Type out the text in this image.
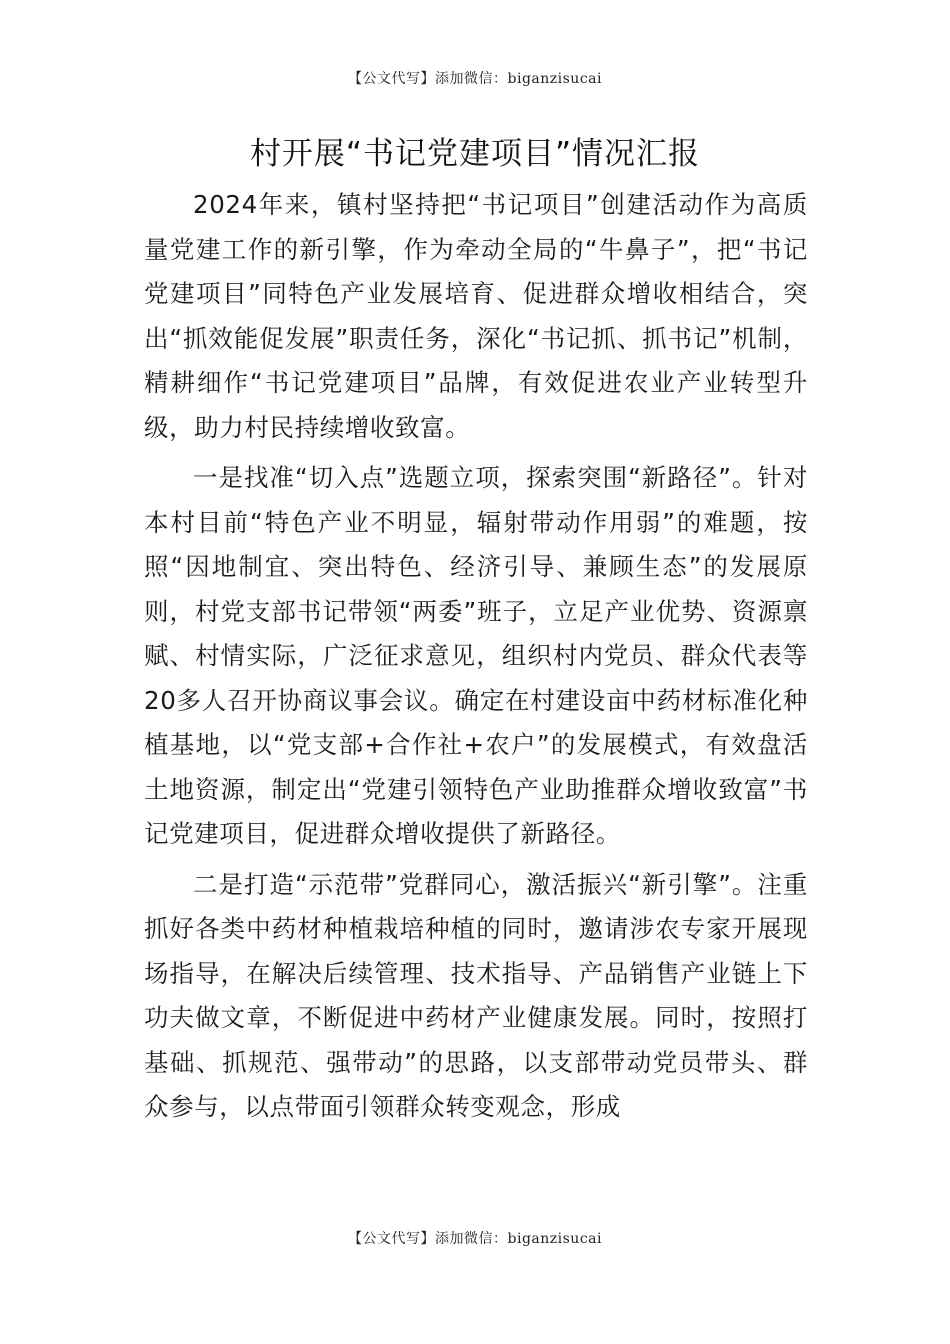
【公文代写】添加微信：biganzisucai
村开展“书记党建项目”情况汇报

2024年来，镇村坚持把“书记项目”创建活动作为高质量党建工作的新引擎，作为牵动全局的“牛鼻子”，把“书记党建项目”同特色产业发展培育、促进群众增收相结合，突出“抓效能促发展”职责任务，深化“书记抓、抓书记”机制，精耕细作“书记党建项目”品牌，有效促进农业产业转型升级，助力村民持续增收致富。

一是找准“切入点”选题立项，探索突围“新路径”。针对本村目前“特色产业不明显，辐射带动作用弱”的难题，按照“因地制宜、突出特色、经济引导、兼顾生态”的发展原则，村党支部书记带领“两委”班子，立足产业优势、资源禀赋、村情实际，广泛征求意见，组织村内党员、群众代表等20多人召开协商议事会议。确定在村建设亩中药材标准化种植基地，以“党支部+合作社+农户”的发展模式，有效盘活土地资源，制定出“党建引领特色产业助推群众增收致富”书记党建项目，促进群众增收提供了新路径。

二是打造“示范带”党群同心，激活振兴“新引擎”。注重抓好各类中药材种植栽培种植的同时，邀请涉农专家开展现场指导，在解决后续管理、技术指导、产品销售产业链上下功夫做文章，不断促进中药材产业健康发展。同时，按照打基础、抓规范、强带动”的思路，以支部带动党员带头、群众参与，以点带面引领群众转变观念，形成

【公文代写】添加微信：biganzisucai
